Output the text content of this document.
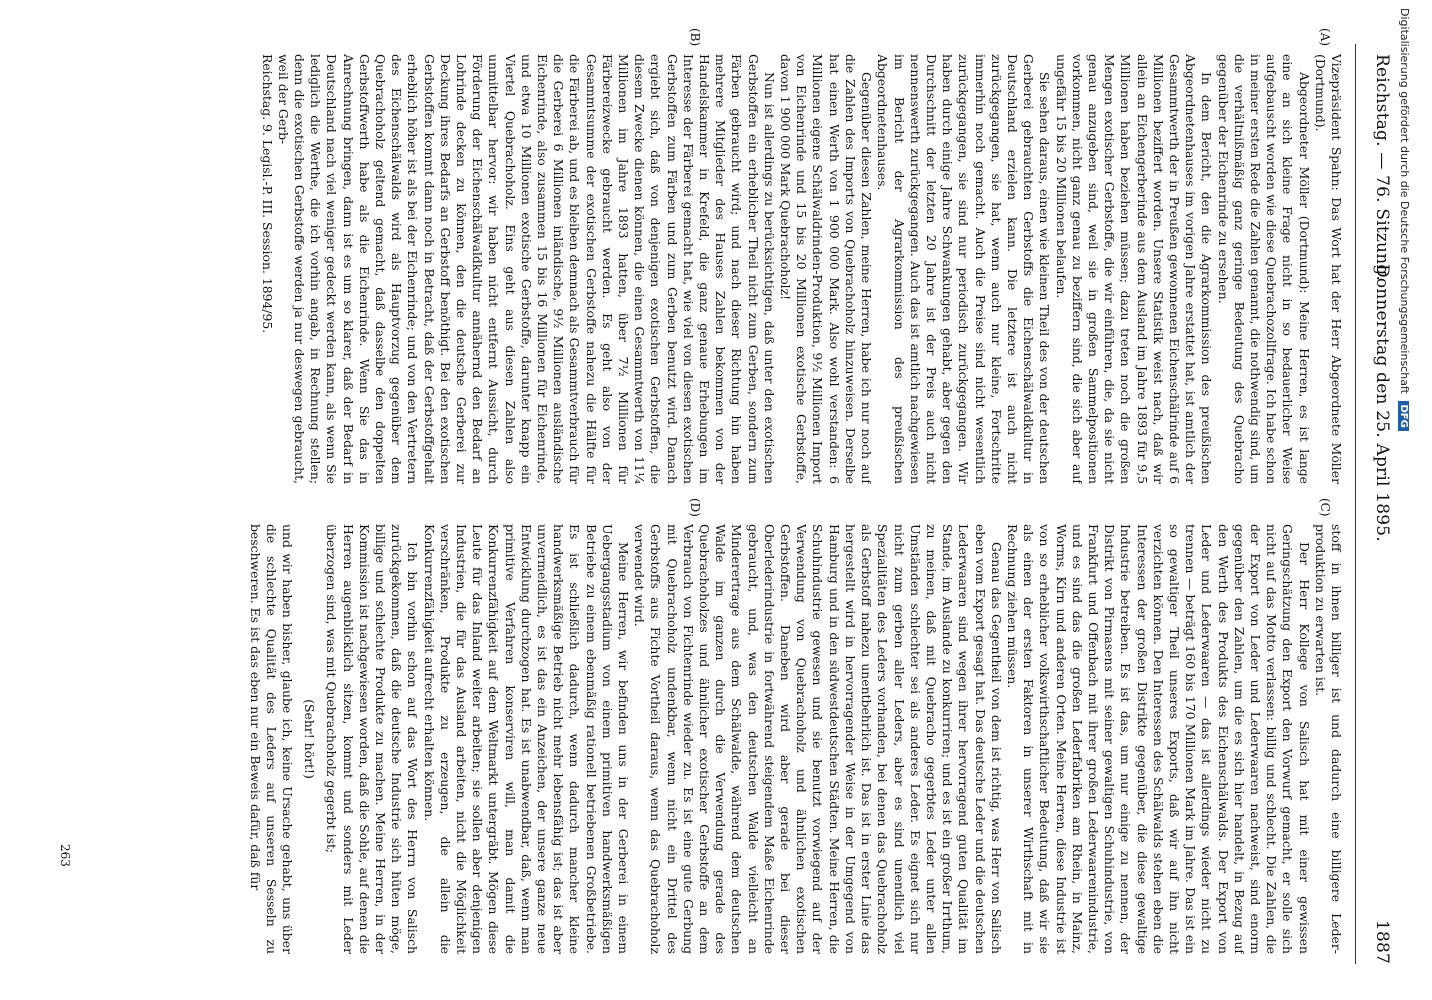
Reichstag. — 76. Sitzung.
Donnerstag den 25. April 1895.
1887
(A)
(B)
(C)
(D)

Vizepräsident Spahn: Das Wort hat der Herr Abgeordnete Möller (Dortmund).

Abgeordneter Möller (Dortmund): Meine Herren, es ist lange eine an sich kleine Frage nicht in so bedauerlicher Weise aufgebauscht worden wie diese Quebrachozollfrage. Ich habe schon in meiner ersten Rede die Zahlen genannt, die nothwendig sind, um die verhältnißmäßig ganz geringe Bedeutung des Quebracho gegenüber der Eichenrinde zu ersehen.

In dem Bericht, den die Agrarkommission des preußischen Abgeordnetenhauses im vorigen Jahre erstattet hat, ist amtlich der Gesammtwerth der in Preußen gewonnenen Eichenschälrinde auf 6 Millionen beziffert worden. Unsere Statistik weist nach, daß wir allein an Eichengerberinde aus dem Ausland im Jahre 1893 für 9,5 Millionen haben beziehen müssen; dazu treten noch die großen Mengen exotischer Gerbstoffe, die wir einführen, die, da sie nicht genau anzugeben sind, weil sie in großen Sammelpositionen vorkommen, nicht ganz genau zu beziffern sind, die sich aber auf ungefähr 15 bis 20 Millionen belaufen.

Sie sehen daraus, einen wie kleinen Theil des von der deutschen Gerberei gebrauchten Gerbstoffs die Eichenschälwaldkultur in Deutschland erzielen kann. Die letztere ist auch nicht zurückgegangen, sie hat, wenn auch nur kleine, Fortschritte immerhin noch gemacht. Auch die Preise sind nicht wesentlich zurückgegangen, sie sind nur periodisch zurückgegangen. Wir haben durch einige Jahre Schwankungen gehabt, aber gegen den Durchschnitt der letzten 20 Jahre ist der Preis auch nicht nennenswerth zurückgegangen. Auch das ist amtlich nachgewiesen im Bericht der Agrarkommission des preußischen Abgeordnetenhauses.

Gegenüber diesen Zahlen, meine Herren, habe ich nur noch auf die Zahlen des Imports von Quebrachoholz hinzuweisen. Derselbe hat einen Werth von 1 900 000 Mark. Also wohl verstanden: 6 Millionen eigene Schälwaldrinden-Produktion, 9½ Millionen Import von Eichenrinde und 15 bis 20 Millionen exotische Gerbstoffe, davon 1 900 000 Mark Quebrachoholz!

Nun ist allerdings zu berücksichtigen, daß unter den exotischen Gerbstoffen ein erheblicher Theil nicht zum Gerben, sondern zum Färben gebraucht wird; und nach dieser Richtung hin haben mehrere Mitglieder des Hauses Zahlen bekommen von der Handelskammer in Krefeld, die ganz genaue Erhebungen im Interesse der Färberei gemacht hat, wie viel von diesen exotischen Gerbstoffen zum Färben und zum Gerben benutzt wird. Danach ergiebt sich, daß von denjenigen exotischen Gerbstoffen, die diesem Zwecke dienen können, die einen Gesammtwerth von 11¼ Millionen im Jahre 1893 hatten, über 7½ Millionen für Färbereizwecke gebraucht werden. Es geht also von der Gesammtsumme der exotischen Gerbstoffe nahezu die Hälfte für die Färberei ab, und es bleiben demnach als Gesammtverbrauch für die Gerberei 6 Millionen inländische, 9½ Millionen ausländische Eichenrinde, also zusammen 15 bis 16 Millionen für Eichenrinde, und etwa 10 Millionen exotische Gerbstoffe, darunter knapp ein Viertel Quebrachoholz. Eins geht aus diesen Zahlen also unmittelbar hervor: wir haben nicht entfernt Aussicht, durch Förderung der Eichenschälwaldkultur annähernd den Bedarf an Lohrinde decken zu können, den die deutsche Gerberei zur Deckung ihres Bedarfs an Gerbstoff benöthigt. Bei den exotischen Gerbstoffen kommt dann noch in Betracht, daß der Gerbstoffgehalt erheblich höher ist als bei der Eichenrinde; und von den Vertretern des Eichenschälwalds wird als Hauptvorzug gegenüber dem Quebrachoholz geltend gemacht, daß dasselbe den doppelten Gerbstoffwerth habe als die Eichenrinde. Wenn Sie das in Anrechnung bringen, dann ist es um so klarer, daß der Bedarf in Deutschland nach viel weniger gedeckt werden kann, als wenn Sie lediglich die Werthe, die ich vorhin angab, in Rechnung stellen; denn die exotischen Gerbstoffe werden ja nur deswegen gebraucht, weil der Gerb-

Reichstag. 9. Legisl.-P. III. Session. 1894/95.

stoff in ihnen billiger ist und dadurch eine billigere Leder-produktion zu erwarten ist.

Der Herr Kollege von Salisch hat mit einer gewissen Geringschätzung den Export den Vorwurf gemacht, er solle sich nicht auf das Motto verlassen: billig und schlecht. Die Zahlen, die der Export von Leder und Lederwaaren nachweist, sind enorm gegenüber den Zahlen, um die es sich hier handelt, in Bezug auf den Werth des Produkts des Eichenschälwalds. Der Export von Leder und Lederwaaren — das ist allerdings wieder nicht zu trennen — beträgt 160 bis 170 Millionen Mark im Jahre. Das ist ein so gewaltiger Theil unseres Exports, daß wir auf ihn nicht verzichten können. Den Interessen des Schälwalds stehen eben die Interessen der großen Distrikte gegenüber, die diese gewaltige Industrie betreiben. Es ist das, um nur einige zu nennen, der Distrikt von Pirmasens mit seiner gewaltigen Schuhindustrie, von Frankfurt und Offenbach mit ihrer großen Lederwaarenindustrie, und es sind das die großen Lederfabriken am Rhein, in Mainz, Worms, Kirn und anderen Orten. Meine Herren, diese Industrie ist von so erheblicher volkswirthschaftlicher Bedeutung, daß wir sie als einen der ersten Faktoren in unserer Wirthschaft mit in Rechnung ziehen müssen.

Genau das Gegentheil von dem ist richtig, was Herr von Salisch eben vom Export gesagt hat. Das deutsche Leder und die deutschen Lederwaaren sind wegen ihrer hervorragend guten Qualität im Stande, im Auslande zu konkurriren; und es ist ein großer Irrthum, zu meinen, daß mit Quebracho gegerbtes Leder unter allen Umständen schlechter sei als anderes Leder. Es eignet sich nur nicht zum gerben aller Leders, aber es sind unendlich viel Spezialitäten des Leders vorhanden, bei denen das Quebrachoholz als Gerbstoff nahezu unentbehrlich ist. Das ist in erster Linie das hergestellt wird in hervorragender Weise in der Umgegend von Hamburg und in den südwestdeutschen Städten. Meine Herren, die Schuhindustrie gewesen und sie benutzt vorwiegend auf der Verwendung von Quebrachoholz und ähnlichen exotischen Gerbstoffen. Daneben wird aber gerade bei dieser Oberlederindustrie in fortwährend steigendem Maße Eichenrinde gebraucht, und, was den deutschen Walde vielleicht an Minderertrage aus dem Schälwalde, während dem deutschen Walde im ganzen durch die Verwendung gerade des Quebrachoholzes und ähnlicher exotischer Gerbstoffe an dem Verbrauch von Fichtenrinde wieder zu. Es ist eine gute Gerbung mit Quebrachoholz undenkbar, wenn nicht ein Drittel des Gerbstoffs aus Fichte Vortheil daraus, wenn das Quebrachoholz verwendet wird.

Meine Herren, wir befinden uns in der Gerberei in einem Uebergangsstadium von einem primitiven handwerksmäßigen Betriebe zu einem ebenmäßig rationell betriebenen Großbetriebe. Es ist schließlich dadurch, wenn dadurch mancher kleine handwerksmäßige Betrieb nicht mehr lebensfähig ist; das ist aber unvermeidlich, es ist das ein Anzeichen, der unsere ganze neue Entwicklung durchzogen hat. Es ist unabwendbar, daß, wenn man primitive Verfahren konserviren will, man damit die Konkurrenzfähigkeit auf dem Weltmarkt untergräbt. Mögen diese Leute für das Inland weiter arbeiten; sie sollen aber denjenigen Industrien, die für das Ausland arbeiten, nicht die Möglichkeit verschränken, Produkte zu erzeugen, die allein die Konkurrenzfähigkeit aufrecht erhalten können.

Ich bin vorhin schon auf das Wort des Herrn von Salisch zurückgekommen, daß die deutsche Industrie sich hüten möge, billige und schlechte Produkte zu machen. Meine Herren, in der Kommission ist nachgewiesen worden, daß die Sohle, auf denen die Herren augenblicklich sitzen, kommt und sonders mit Leder überzogen sind, was mit Quebrachoholz gegerbt ist;

(Sehr! hört!)

und wir haben bisher, glaube ich, keine Ursache gehabt, uns über die schlechte Qualität des Leders auf unseren Sesseln zu beschweren. Es ist das eben nur ein Beweis dafür, daß für

263
Digitalisierung gefördert durch die Deutsche Forschungsgemeinschaft DFG
